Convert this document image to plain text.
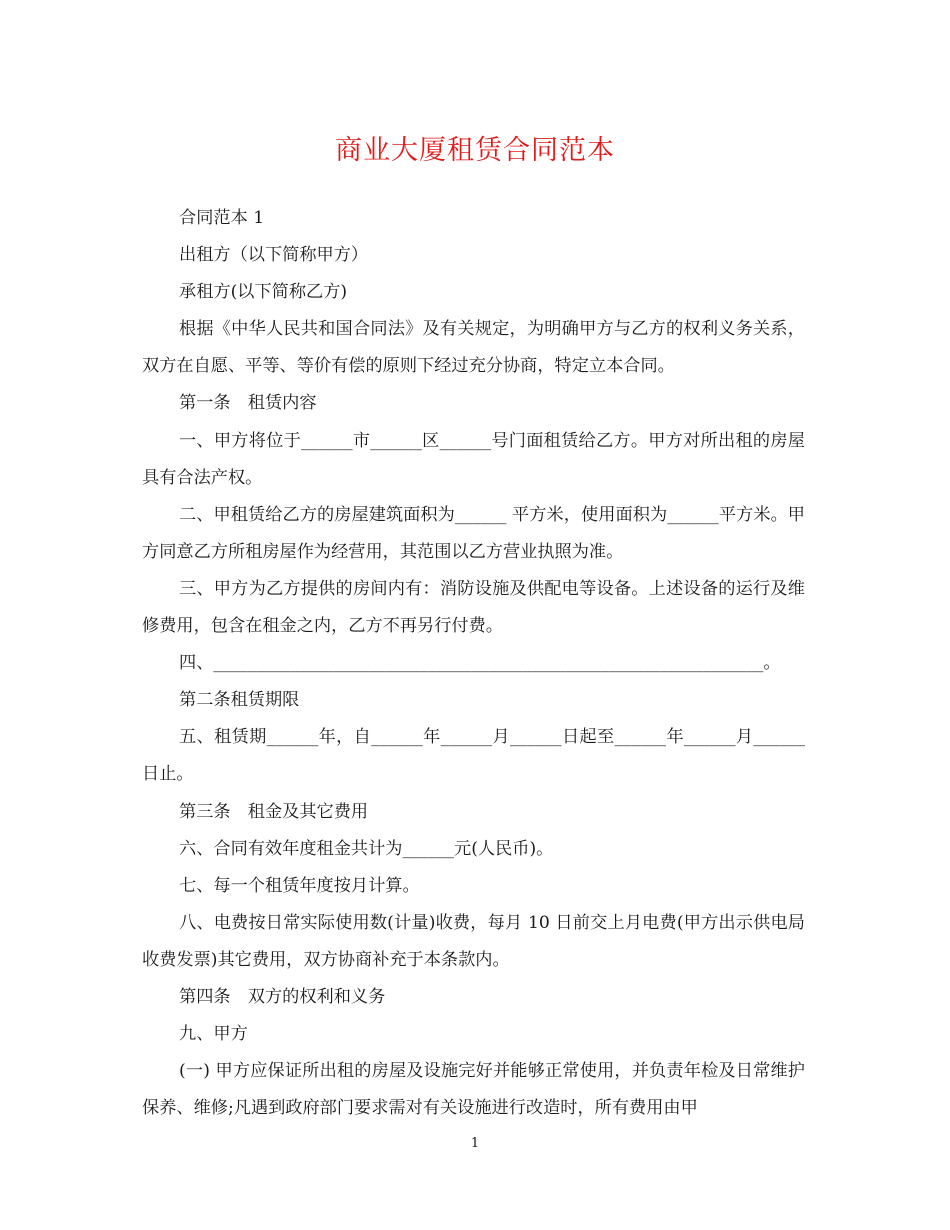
商业大厦租赁合同范本

合同范本 1

出租方（以下简称甲方）

承租方(以下简称乙方)

根据《中华人民共和国合同法》及有关规定，为明确甲方与乙方的权利义务关系，双方在自愿、平等、等价有偿的原则下经过充分协商，特定立本合同。

第一条　租赁内容

一、甲方将位于______市______区______号门面租赁给乙方。甲方对所出租的房屋具有合法产权。

二、甲租赁给乙方的房屋建筑面积为______ 平方米，使用面积为______平方米。甲方同意乙方所租房屋作为经营用，其范围以乙方营业执照为准。

三、甲方为乙方提供的房间内有：消防设施及供配电等设备。上述设备的运行及维修费用，包含在租金之内，乙方不再另行付费。

四、________________________________________________________________。

第二条租赁期限

五、租赁期______年，自______年______月______日起至______年______月______日止。

第三条　租金及其它费用

六、合同有效年度租金共计为______元(人民币)。

七、每一个租赁年度按月计算。

八、电费按日常实际使用数(计量)收费，每月 10 日前交上月电费(甲方出示供电局收费发票)其它费用，双方协商补充于本条款内。

第四条　双方的权利和义务

九、甲方

(一) 甲方应保证所出租的房屋及设施完好并能够正常使用，并负责年检及日常维护保养、维修;凡遇到政府部门要求需对有关设施进行改造时，所有费用由甲

1
